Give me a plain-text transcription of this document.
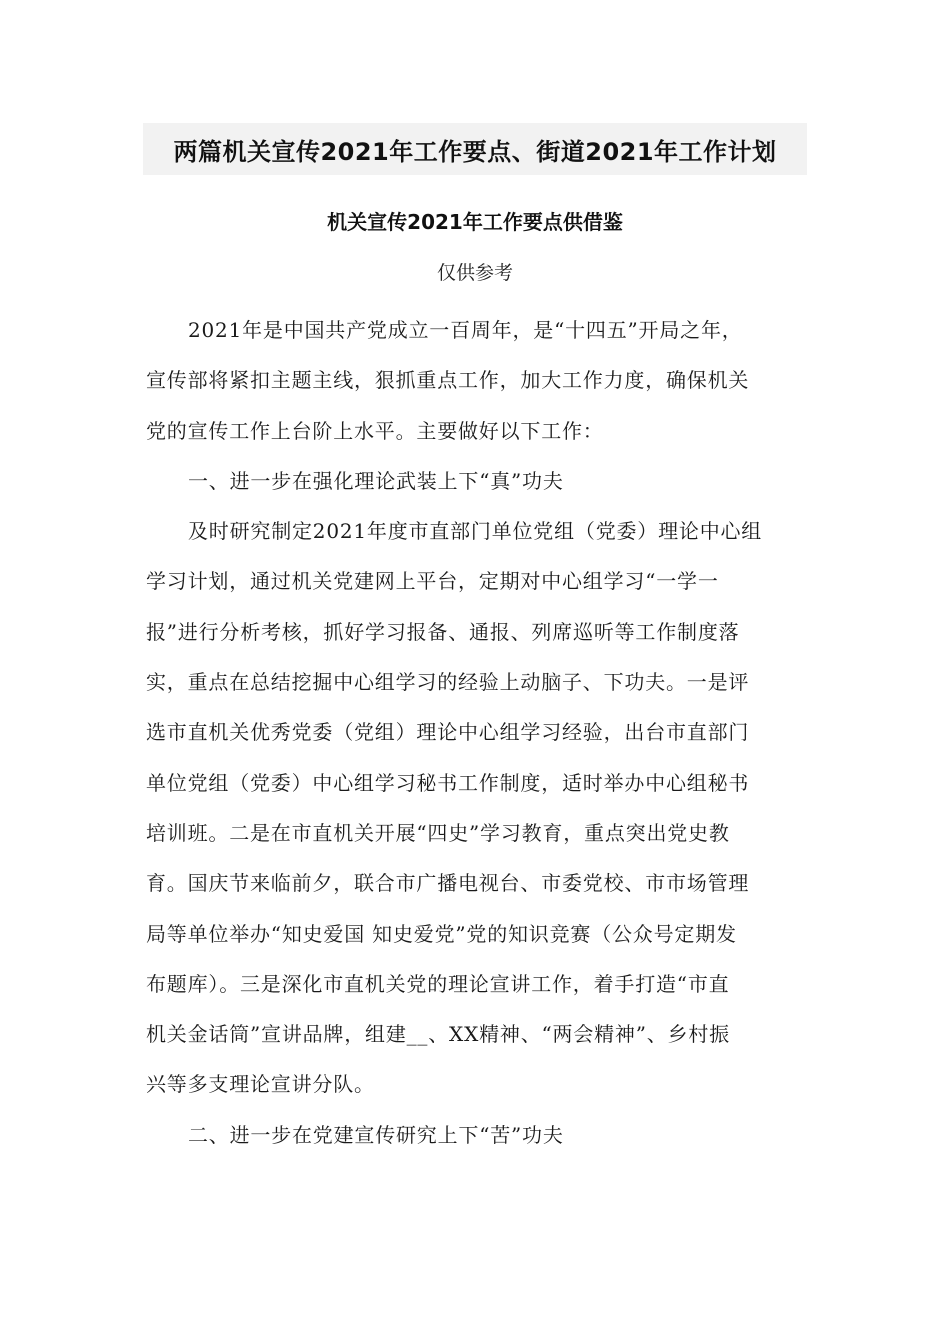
两篇机关宣传2021年工作要点、街道2021年工作计划
机关宣传2021年工作要点供借鉴
仅供参考

2021年是中国共产党成立一百周年，是“十四五”开局之年，
宣传部将紧扣主题主线，狠抓重点工作，加大工作力度，确保机关
党的宣传工作上台阶上水平。主要做好以下工作：

一、进一步在强化理论武装上下“真”功夫

及时研究制定2021年度市直部门单位党组（党委）理论中心组
学习计划，通过机关党建网上平台，定期对中心组学习“一学一
报”进行分析考核，抓好学习报备、通报、列席巡听等工作制度落
实，重点在总结挖掘中心组学习的经验上动脑子、下功夫。一是评
选市直机关优秀党委（党组）理论中心组学习经验，出台市直部门
单位党组（党委）中心组学习秘书工作制度，适时举办中心组秘书
培训班。二是在市直机关开展“四史”学习教育，重点突出党史教
育。国庆节来临前夕，联合市广播电视台、市委党校、市市场管理
局等单位举办“知史爱国 知史爱党”党的知识竞赛（公众号定期发
布题库）。三是深化市直机关党的理论宣讲工作，着手打造“市直
机关金话筒”宣讲品牌，组建__、XX精神、“两会精神”、乡村振
兴等多支理论宣讲分队。

二、进一步在党建宣传研究上下“苦”功夫
